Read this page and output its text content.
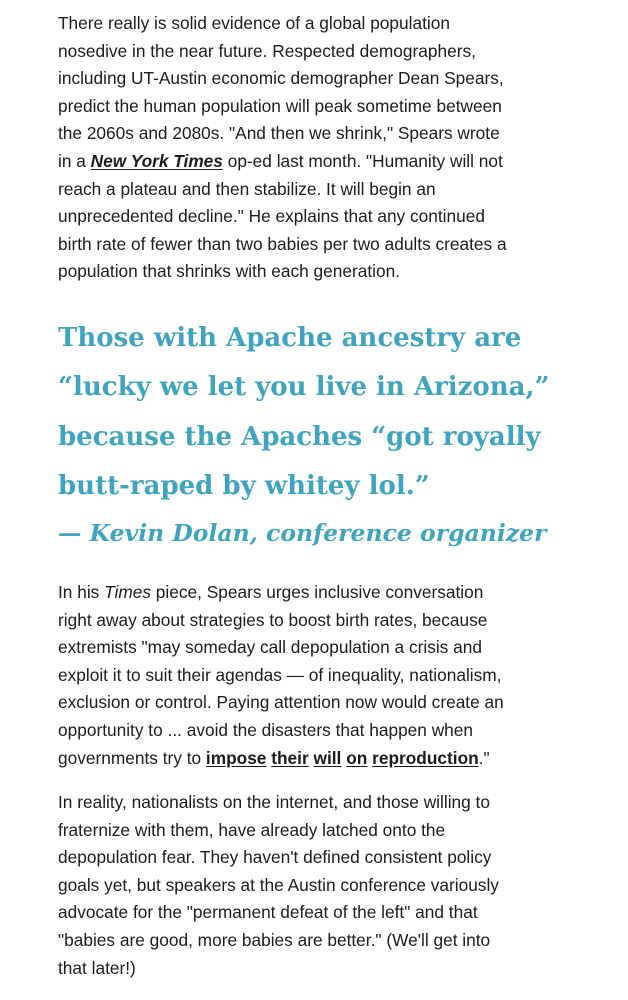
There really is solid evidence of a global population
nosedive in the near future. Respected demographers,
including UT-Austin economic demographer Dean Spears,
predict the human population will peak sometime between
the 2060s and 2080s. "And then we shrink," Spears wrote
in a New York Times op-ed last month. "Humanity will not
reach a plateau and then stabilize. It will begin an
unprecedented decline." He explains that any continued
birth rate of fewer than two babies per two adults creates a
population that shrinks with each generation.

Those with Apache ancestry are
“lucky we let you live in Arizona,”
because the Apaches “got royally
butt-raped by whitey lol.”
— Kevin Dolan, conference organizer

In his Times piece, Spears urges inclusive conversation
right away about strategies to boost birth rates, because
extremists "may someday call depopulation a crisis and
exploit it to suit their agendas — of inequality, nationalism,
exclusion or control. Paying attention now would create an
opportunity to ... avoid the disasters that happen when
governments try to impose their will on reproduction."

In reality, nationalists on the internet, and those willing to
fraternize with them, have already latched onto the
depopulation fear. They haven't defined consistent policy
goals yet, but speakers at the Austin conference variously
advocate for the "permanent defeat of the left" and that
"babies are good, more babies are better." (We'll get into
that later!)
